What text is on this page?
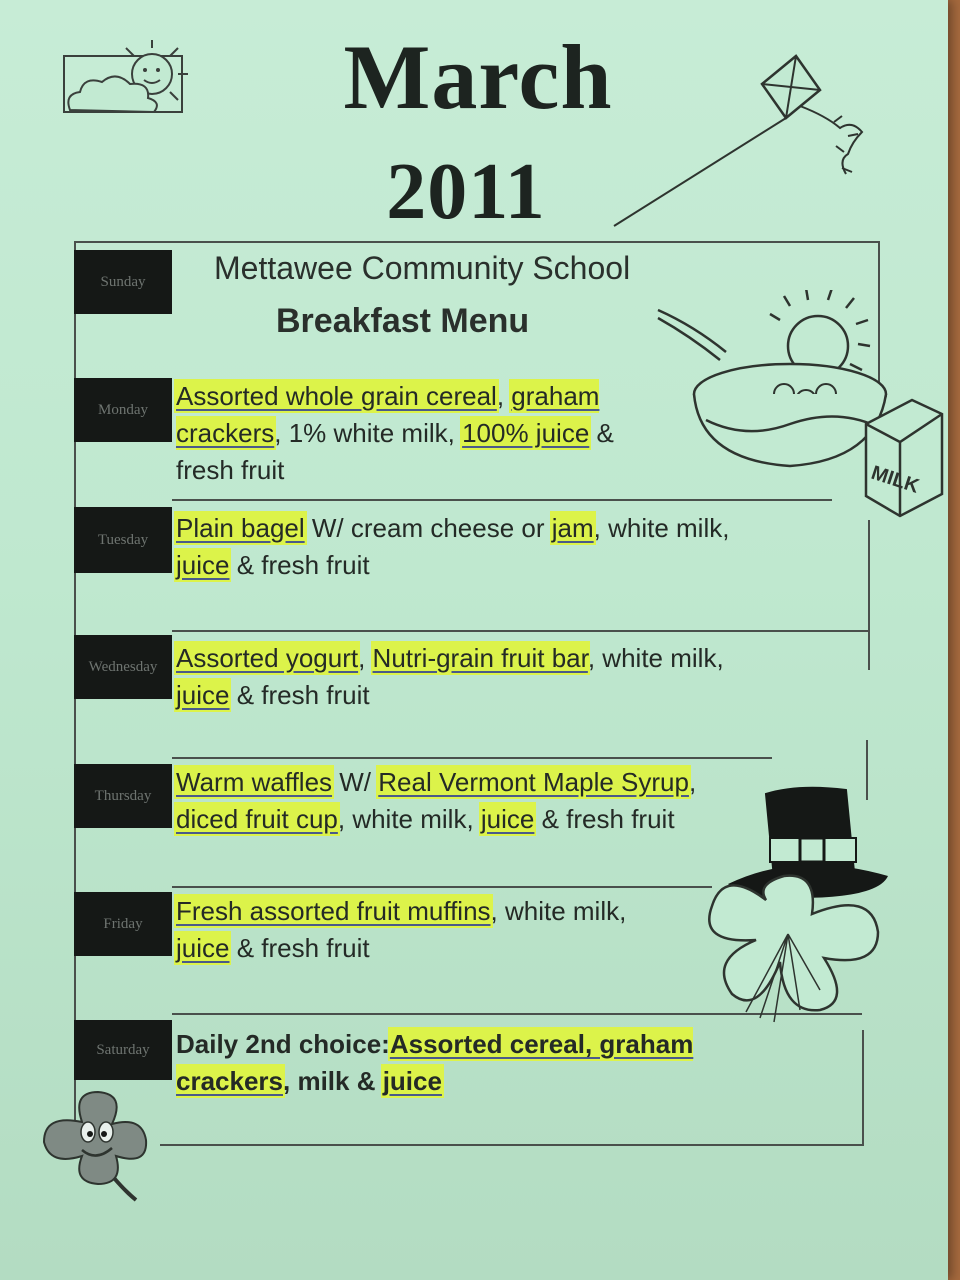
March
2011
Sunday
Monday
Tuesday
Wednesday
Thursday
Friday
Saturday
Mettawee Community School
Breakfast Menu
Assorted whole grain cereal, graham crackers, 1% white milk, 100% juice & fresh fruit
Plain bagel W/ cream cheese or jam, white milk, juice & fresh fruit
Assorted yogurt, Nutri-grain fruit bar, white milk, juice & fresh fruit
Warm waffles W/ Real Vermont Maple Syrup, diced fruit cup, white milk, juice & fresh fruit
Fresh assorted fruit muffins, white milk, juice & fresh fruit
Daily 2nd choice:Assorted cereal, graham crackers, milk & juice
MILK
